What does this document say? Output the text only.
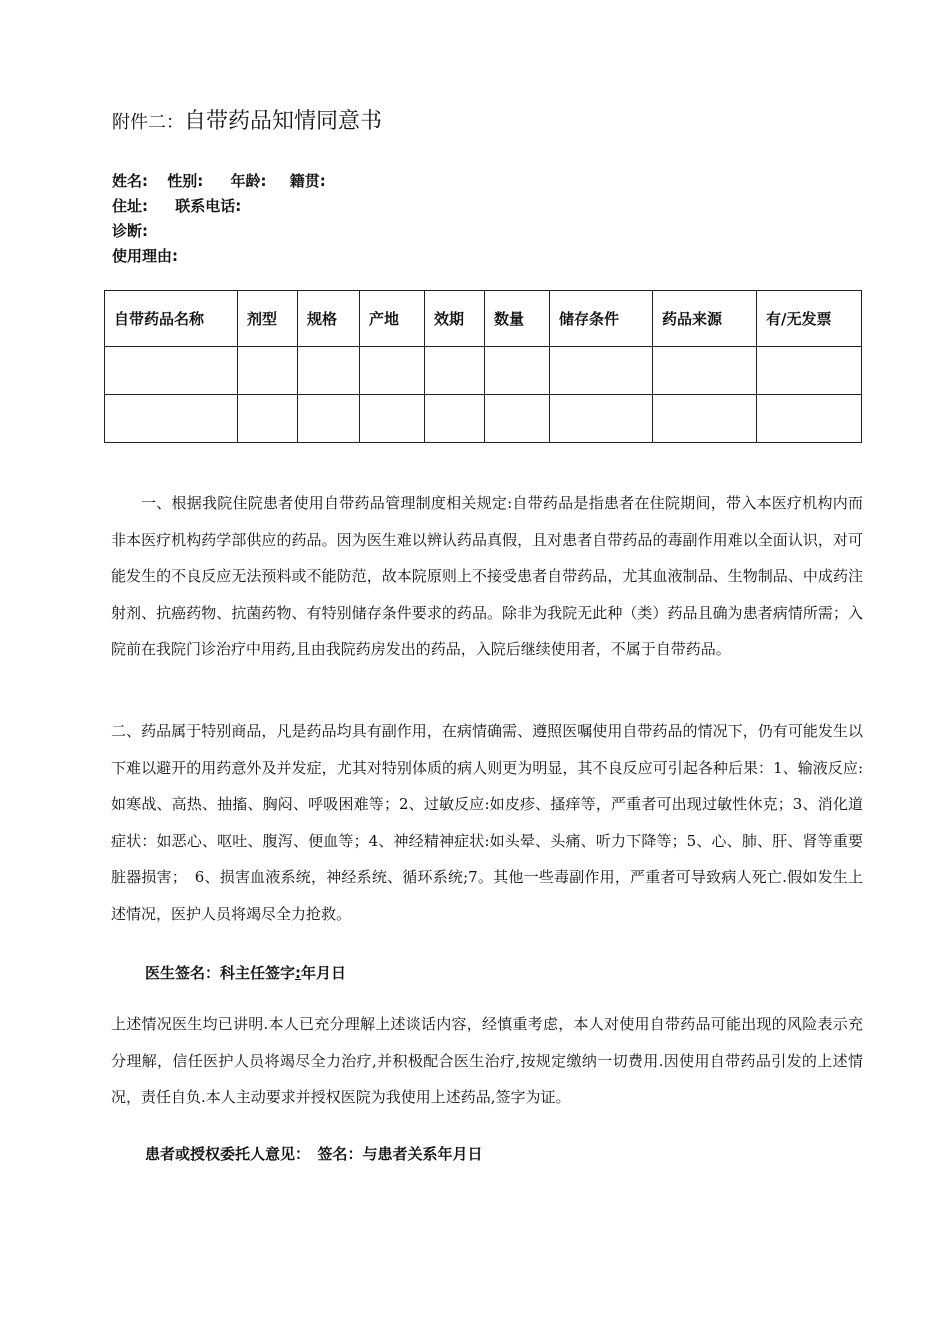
附件二：自带药品知情同意书
姓名: 性别: 年龄: 籍贯:
住址: 联系电话:
诊断:
使用理由:
自带药品名称	剂型	规格	产地	效期	数量	储存条件	药品来源	有/无发票

一、根据我院住院患者使用自带药品管理制度相关规定:自带药品是指患者在住院期间，带入本医疗机构内而非本医疗机构药学部供应的药品。因为医生难以辨认药品真假，且对患者自带药品的毒副作用难以全面认识，对可能发生的不良反应无法预料或不能防范，故本院原则上不接受患者自带药品，尤其血液制品、生物制品、中成药注射剂、抗癌药物、抗菌药物、有特别储存条件要求的药品。除非为我院无此种（类）药品且确为患者病情所需；入院前在我院门诊治疗中用药,且由我院药房发出的药品，入院后继续使用者，不属于自带药品。
二、药品属于特别商品，凡是药品均具有副作用，在病情确需、遵照医嘱使用自带药品的情况下，仍有可能发生以下难以避开的用药意外及并发症，尤其对特别体质的病人则更为明显，其不良反应可引起各种后果：1、输液反应:如寒战、高热、抽搐、胸闷、呼吸困难等；2、过敏反应:如皮疹、搔痒等，严重者可出现过敏性休克；3、消化道症状：如恶心、呕吐、腹泻、便血等；4、神经精神症状:如头晕、头痛、听力下降等；5、心、肺、肝、肾等重要脏器损害；　6、损害血液系统，神经系统、循环系统;7。其他一些毒副作用，严重者可导致病人死亡.假如发生上述情况，医护人员将竭尽全力抢救。
医生签名：科主任签字:年月日
上述情况医生均已讲明.本人已充分理解上述谈话内容，经慎重考虑，本人对使用自带药品可能出现的风险表示充分理解，信任医护人员将竭尽全力治疗,并积极配合医生治疗,按规定缴纳一切费用.因使用自带药品引发的上述情况，责任自负.本人主动要求并授权医院为我使用上述药品,签字为证。
患者或授权委托人意见：　签名：与患者关系年月日
